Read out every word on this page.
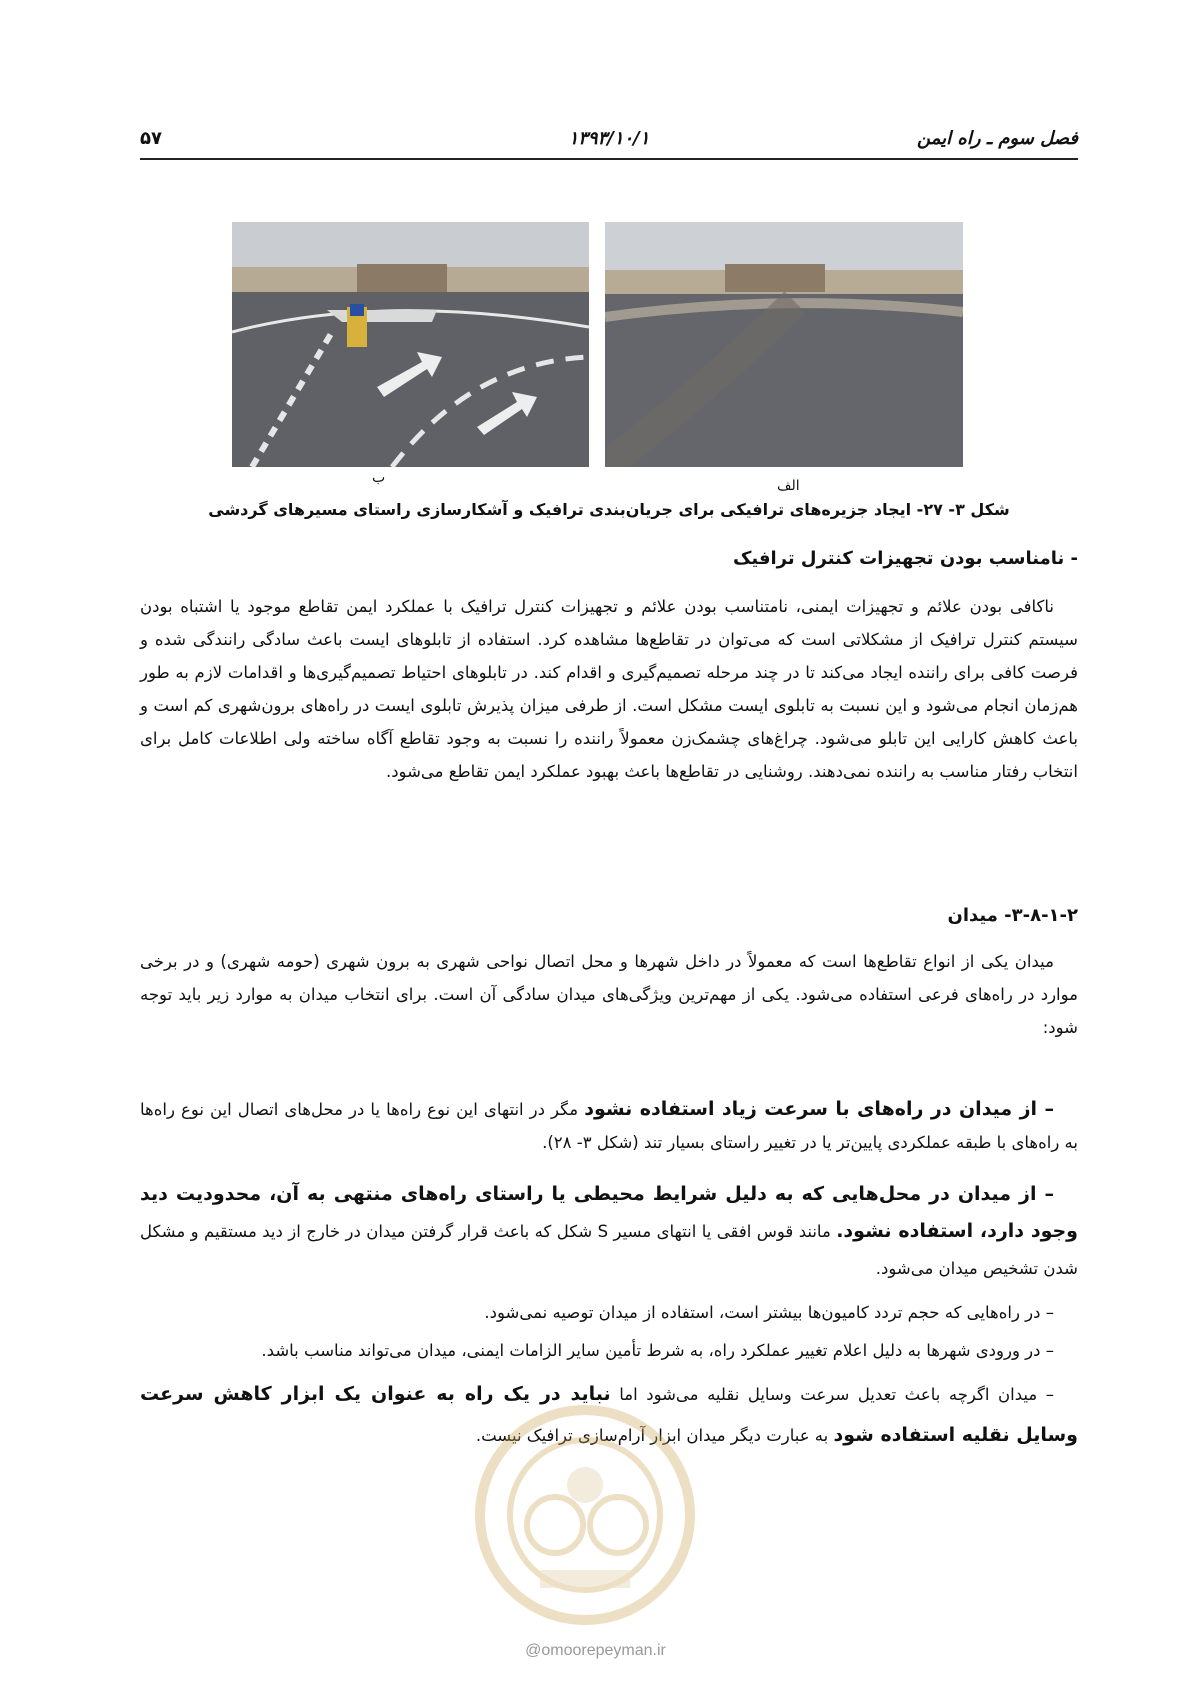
۵۷	۱۳۹۳/۱۰/۱	فصل سوم ـ راه ایمن
ب	الف
شکل ۳- ۲۷- ایجاد جزیره‌های ترافیکی برای جریان‌بندی ترافیک و آشکارسازی راستای مسیرهای گردشی
- نامناسب بودن تجهیزات کنترل ترافیک
ناکافی بودن علائم و تجهیزات ایمنی، نامتناسب بودن علائم و تجهیزات کنترل ترافیک با عملکرد ایمن تقاطع موجود یا اشتباه بودن سیستم کنترل ترافیک از مشکلاتی است که می‌توان در تقاطع‌ها مشاهده کرد. استفاده از تابلوهای ایست باعث سادگی رانندگی شده و فرصت کافی برای راننده ایجاد می‌کند تا در چند مرحله تصمیم‌گیری و اقدام کند. در تابلوهای احتیاط تصمیم‌گیری‌ها و اقدامات لازم به طور هم‌زمان انجام می‌شود و این نسبت به تابلوی ایست مشکل است. از طرفی میزان پذیرش تابلوی ایست در راه‌های برون‌شهری کم است و باعث کاهش کارایی این تابلو می‌شود. چراغ‌های چشمک‌زن معمولاً راننده را نسبت به وجود تقاطع آگاه ساخته ولی اطلاعات کامل برای انتخاب رفتار مناسب به راننده نمی‌دهند. روشنایی در تقاطع‌ها باعث بهبود عملکرد ایمن تقاطع می‌شود.
۳-۸-۱-۲- میدان
میدان یکی از انواع تقاطع‌ها است که معمولاً در داخل شهرها و محل اتصال نواحی شهری به برون شهری (حومه شهری) و در برخی موارد در راه‌های فرعی استفاده می‌شود. یکی از مهم‌ترین ویژگی‌های میدان سادگی آن است. برای انتخاب میدان به موارد زیر باید توجه شود:
– از میدان در راه‌های با سرعت زیاد استفاده نشود مگر در انتهای این نوع راه‌ها یا در محل‌های اتصال این نوع راه‌ها به راه‌های با طبقه عملکردی پایین‌تر یا در تغییر راستای بسیار تند (شکل ۳- ۲۸).
– از میدان در محل‌هایی که به دلیل شرایط محیطی یا راستای راه‌های منتهی به آن، محدودیت دید وجود دارد، استفاده نشود. مانند قوس افقی یا انتهای مسیر S شکل که باعث قرار گرفتن میدان در خارج از دید مستقیم و مشکل شدن تشخیص میدان می‌شود.
– در راه‌هایی که حجم تردد کامیون‌ها بیشتر است، استفاده از میدان توصیه نمی‌شود.
– در ورودی شهرها به دلیل اعلام تغییر عملکرد راه، به شرط تأمین سایر الزامات ایمنی، میدان می‌تواند مناسب باشد.
– میدان اگرچه باعث تعدیل سرعت وسایل نقلیه می‌شود اما نباید در یک راه به عنوان یک ابزار کاهش سرعت وسایل نقلیه استفاده شود به عبارت دیگر میدان ابزار آرام‌سازی ترافیک نیست.
@omoorepeyman.ir
